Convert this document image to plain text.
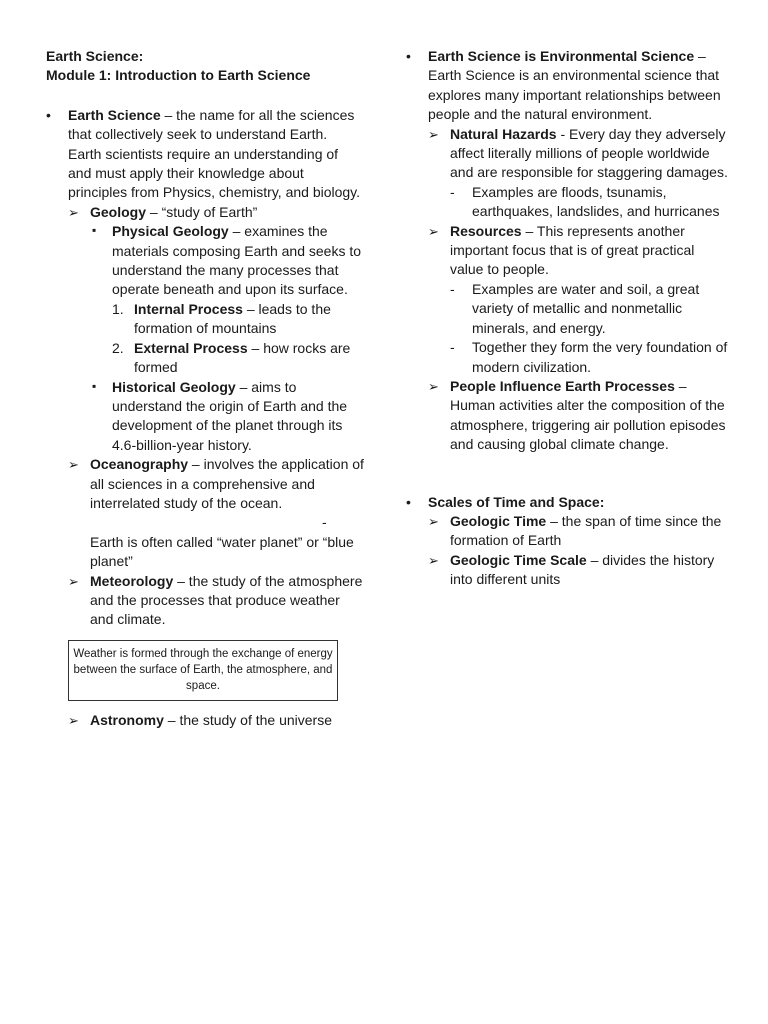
Earth Science:
Module 1: Introduction to Earth Science
•	Earth Science – the name for all the sciences that collectively seek to understand Earth. Earth scientists require an understanding of and must apply their knowledge about principles from Physics, chemistry, and biology.
➢ Geology – “study of Earth”
▪ Physical Geology – examines the materials composing Earth and seeks to understand the many processes that operate beneath and upon its surface.
1. Internal Process – leads to the formation of mountains
2. External Process – how rocks are formed
▪ Historical Geology – aims to understand the origin of Earth and the development of the planet through its 4.6-billion-year history.
➢ Oceanography – involves the application of all sciences in a comprehensive and interrelated study of the ocean. - Earth is often called “water planet” or “blue planet”
➢ Meteorology – the study of the atmosphere and the processes that produce weather and climate.
Weather is formed through the exchange of energy between the surface of Earth, the atmosphere, and space.
➢ Astronomy – the study of the universe
•	Earth Science is Environmental Science – Earth Science is an environmental science that explores many important relationships between people and the natural environment.
➢ Natural Hazards - Every day they adversely affect literally millions of people worldwide and are responsible for staggering damages.
- Examples are floods, tsunamis, earthquakes, landslides, and hurricanes
➢ Resources – This represents another important focus that is of great practical value to people.
- Examples are water and soil, a great variety of metallic and nonmetallic minerals, and energy.
- Together they form the very foundation of modern civilization.
➢ People Influence Earth Processes – Human activities alter the composition of the atmosphere, triggering air pollution episodes and causing global climate change.
•	Scales of Time and Space:
➢ Geologic Time – the span of time since the formation of Earth
➢ Geologic Time Scale – divides the history into different units
